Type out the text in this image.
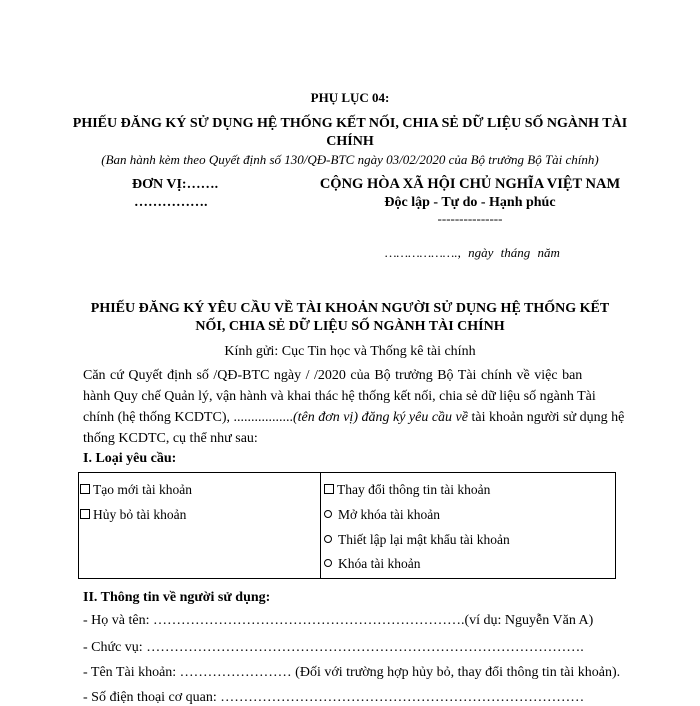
PHỤ LỤC 04:
PHIẾU ĐĂNG KÝ SỬ DỤNG HỆ THỐNG KẾT NỐI, CHIA SẺ DỮ LIỆU SỐ NGÀNH TÀI
CHÍNH
(Ban hành kèm theo Quyết định số 130/QĐ-BTC ngày 03/02/2020 của Bộ trưởng Bộ Tài chính)
ĐƠN VỊ:…….
…………….
CỘNG HÒA XÃ HỘI CHỦ NGHĨA VIỆT NAM
Độc lập - Tự do - Hạnh phúc
---------------
………………., ngày tháng năm
PHIẾU ĐĂNG KÝ YÊU CẦU VỀ TÀI KHOẢN NGƯỜI SỬ DỤNG HỆ THỐNG KẾT
NỐI, CHIA SẺ DỮ LIỆU SỐ NGÀNH TÀI CHÍNH
Kính gửi: Cục Tin học và Thống kê tài chính
Căn cứ Quyết định số /QĐ-BTC ngày / /2020 của Bộ trưởng Bộ Tài chính về việc ban
hành Quy chế Quản lý, vận hành và khai thác hệ thống kết nối, chia sẻ dữ liệu số ngành Tài
chính (hệ thống KCDTC), .................(tên đơn vị) đăng ký yêu cầu về tài khoản người sử dụng hệ
thống KCDTC, cụ thể như sau:
I. Loại yêu cầu:
Tạo mới tài khoản
Hủy bỏ tài khoản
Thay đổi thông tin tài khoản
Mở khóa tài khoản
Thiết lập lại mật khẩu tài khoản
Khóa tài khoản
II. Thông tin về người sử dụng:
- Họ và tên: ………………………………………………………….(ví dụ: Nguyễn Văn A)
- Chức vụ: ………………………………………………………………………………….
- Tên Tài khoản: …………………… (Đối với trường hợp hủy bỏ, thay đổi thông tin tài khoản).
- Số điện thoại cơ quan: ……………………………………………………………………
